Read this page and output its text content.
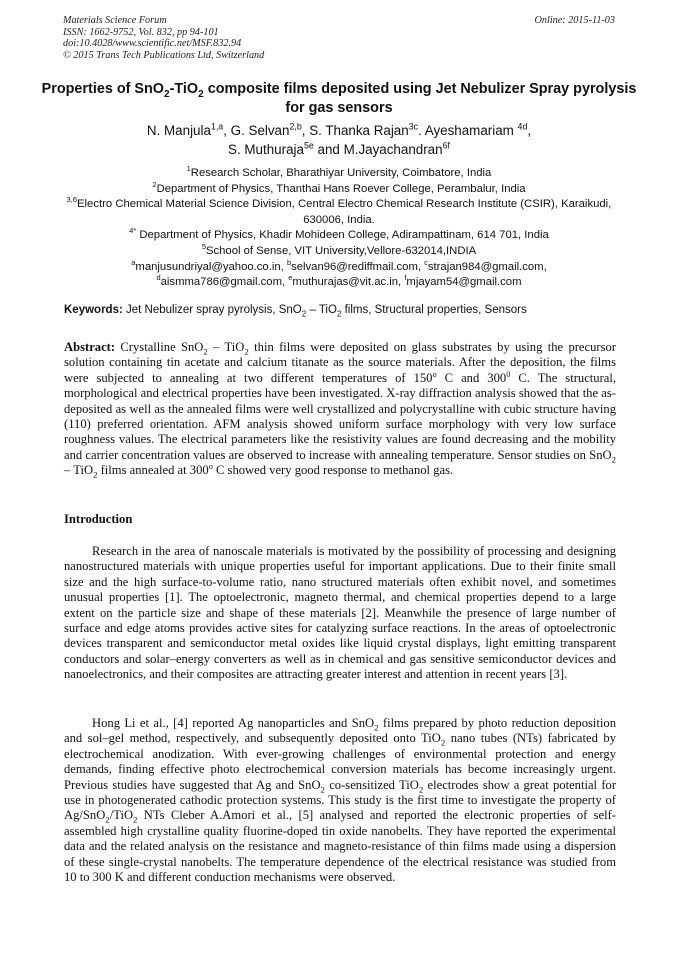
Materials Science Forum
ISSN: 1662-9752, Vol. 832, pp 94-101
doi:10.4028/www.scientific.net/MSF.832.94
© 2015 Trans Tech Publications Ltd, Switzerland
Online: 2015-11-03
Properties of SnO$_2$-TiO$_2$ composite films deposited using Jet Nebulizer Spray pyrolysis for gas sensors
N. Manjula$^{1,a}$, G. Selvan$^{2,b}$, S. Thanka Rajan$^{3c}$. Ayeshamariam $^{4d}$,
S. Muthuraja$^{5e}$ and M.Jayachandran$^{6f}$
$^1$Research Scholar, Bharathiyar University, Coimbatore, India
$^2$Department of Physics, Thanthai Hans Roever College, Perambalur, India
$^{3,6}$Electro Chemical Material Science Division, Central Electro Chemical Research Institute (CSIR), Karaikudi, 630006, India.
$^{4*}$ Department of Physics, Khadir Mohideen College, Adirampattinam, 614 701, India
$^5$School of Sense, VIT University,Vellore-632014,INDIA
$^a$manjusundriyal@yahoo.co.in, $^b$selvan96@rediffmail.com, $^c$strajan984@gmail.com,
$^d$aismma786@gmail.com, $^e$muthurajas@vit.ac.in, $^f$mjayam54@gmail.com
Keywords: Jet Nebulizer spray pyrolysis, SnO$_2$ – TiO$_2$ films, Structural properties, Sensors
Abstract: Crystalline SnO$_2$ – TiO$_2$ thin films were deposited on glass substrates by using the precursor solution containing tin acetate and calcium titanate as the source materials. After the deposition, the films were subjected to annealing at two different temperatures of 150$^o$ C and $300^0$ C. The structural, morphological and electrical properties have been investigated. X-ray diffraction analysis showed that the as-deposited as well as the annealed films were well crystallized and polycrystalline with cubic structure having (110) preferred orientation. AFM analysis showed uniform surface morphology with very low surface roughness values. The electrical parameters like the resistivity values are found decreasing and the mobility and carrier concentration values are observed to increase with annealing temperature. Sensor studies on SnO$_2$ – TiO$_2$ films annealed at 300$^o$ C showed very good response to methanol gas.
Introduction
Research in the area of nanoscale materials is motivated by the possibility of processing and designing nanostructured materials with unique properties useful for important applications. Due to their finite small size and the high surface-to-volume ratio, nano structured materials often exhibit novel, and sometimes unusual properties [1]. The optoelectronic, magneto thermal, and chemical properties depend to a large extent on the particle size and shape of these materials [2]. Meanwhile the presence of large number of surface and edge atoms provides active sites for catalyzing surface reactions. In the areas of optoelectronic devices transparent and semiconductor metal oxides like liquid crystal displays, light emitting transparent conductors and solar–energy converters as well as in chemical and gas sensitive semiconductor devices and nanoelectronics, and their composites are attracting greater interest and attention in recent years [3].
Hong Li et al., [4] reported Ag nanoparticles and SnO$_2$ films prepared by photo reduction deposition and sol–gel method, respectively, and subsequently deposited onto TiO$_2$ nano tubes (NTs) fabricated by electrochemical anodization. With ever-growing challenges of environmental protection and energy demands, finding effective photo electrochemical conversion materials has become increasingly urgent. Previous studies have suggested that Ag and SnO$_2$ co-sensitized TiO$_2$ electrodes show a great potential for use in photogenerated cathodic protection systems. This study is the first time to investigate the property of Ag/SnO$_2$/TiO$_2$ NTs Cleber A.Amori et al., [5] analysed and reported the electronic properties of self-assembled high crystalline quality fluorine-doped tin oxide nanobelts. They have reported the experimental data and the related analysis on the resistance and magneto-resistance of thin films made using a dispersion of these single-crystal nanobelts. The temperature dependence of the electrical resistance was studied from 10 to 300 K and different conduction mechanisms were observed.
